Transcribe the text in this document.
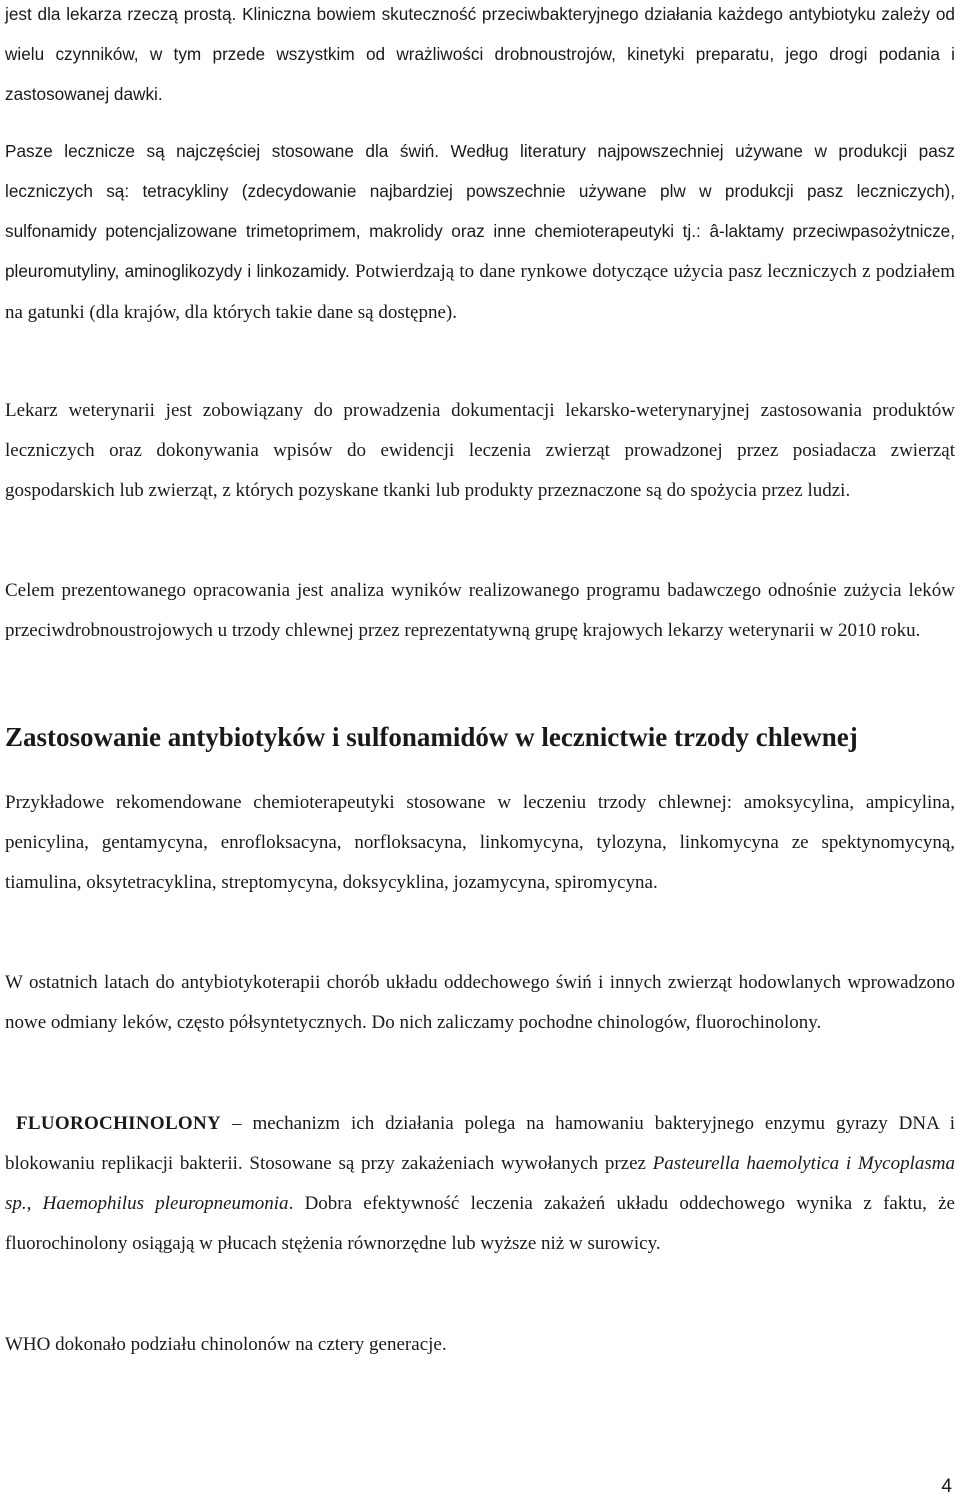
jest dla lekarza rzeczą prostą. Kliniczna bowiem skuteczność przeciwbakteryjnego działania każdego antybiotyku zależy od wielu czynników, w tym przede wszystkim od wrażliwości drobnoustrojów, kinetyki preparatu, jego drogi podania i zastosowanej dawki.

Pasze lecznicze są najczęściej stosowane dla świń. Według literatury najpowszechniej używane w produkcji pasz leczniczych są: tetracykliny (zdecydowanie najbardziej powszechnie używane plw w produkcji pasz leczniczych), sulfonamidy potencjalizowane trimetoprimem, makrolidy oraz inne chemioterapeutyki tj.: â-laktamy przeciwpasożytnicze, pleuromutyliny, aminoglikozydy i linkozamidy. Potwierdzają to dane rynkowe dotyczące użycia pasz leczniczych z podziałem na gatunki (dla krajów, dla których takie dane są dostępne).

Lekarz weterynarii jest zobowiązany do prowadzenia dokumentacji lekarsko-weterynaryjnej zastosowania produktów leczniczych oraz dokonywania wpisów do ewidencji leczenia zwierząt prowadzonej przez posiadacza zwierząt gospodarskich lub zwierząt, z których pozyskane tkanki lub produkty przeznaczone są do spożycia przez ludzi.

Celem prezentowanego opracowania jest analiza wyników realizowanego programu badawczego odnośnie zużycia leków przeciwdrobnoustrojowych u trzody chlewnej przez reprezentatywną grupę krajowych lekarzy weterynarii w 2010 roku.

Zastosowanie antybiotyków i sulfonamidów w lecznictwie trzody chlewnej

Przykładowe rekomendowane chemioterapeutyki stosowane w leczeniu trzody chlewnej: amoksycylina, ampicylina, penicylina, gentamycyna, enrofloksacyna, norfloksacyna, linkomycyna, tylozyna, linkomycyna ze spektynomycyną, tiamulina, oksytetracyklina, streptomycyna, doksycyklina, jozamycyna, spiromycyna.

W ostatnich latach do antybiotykoterapii chorób układu oddechowego świń i innych zwierząt hodowlanych wprowadzono nowe odmiany leków, często półsyntetycznych. Do nich zaliczamy pochodne chinologów, fluorochinolony.

FLUOROCHINOLONY – mechanizm ich działania polega na hamowaniu bakteryjnego enzymu gyrazy DNA i blokowaniu replikacji bakterii. Stosowane są przy zakażeniach wywołanych przez Pasteurella haemolytica i Mycoplasma sp., Haemophilus pleuropneumonia. Dobra efektywność leczenia zakażeń układu oddechowego wynika z faktu, że fluorochinolony osiągają w płucach stężenia równorzędne lub wyższe niż w surowicy.

WHO dokonało podziału chinolonów na cztery generacje.

4
